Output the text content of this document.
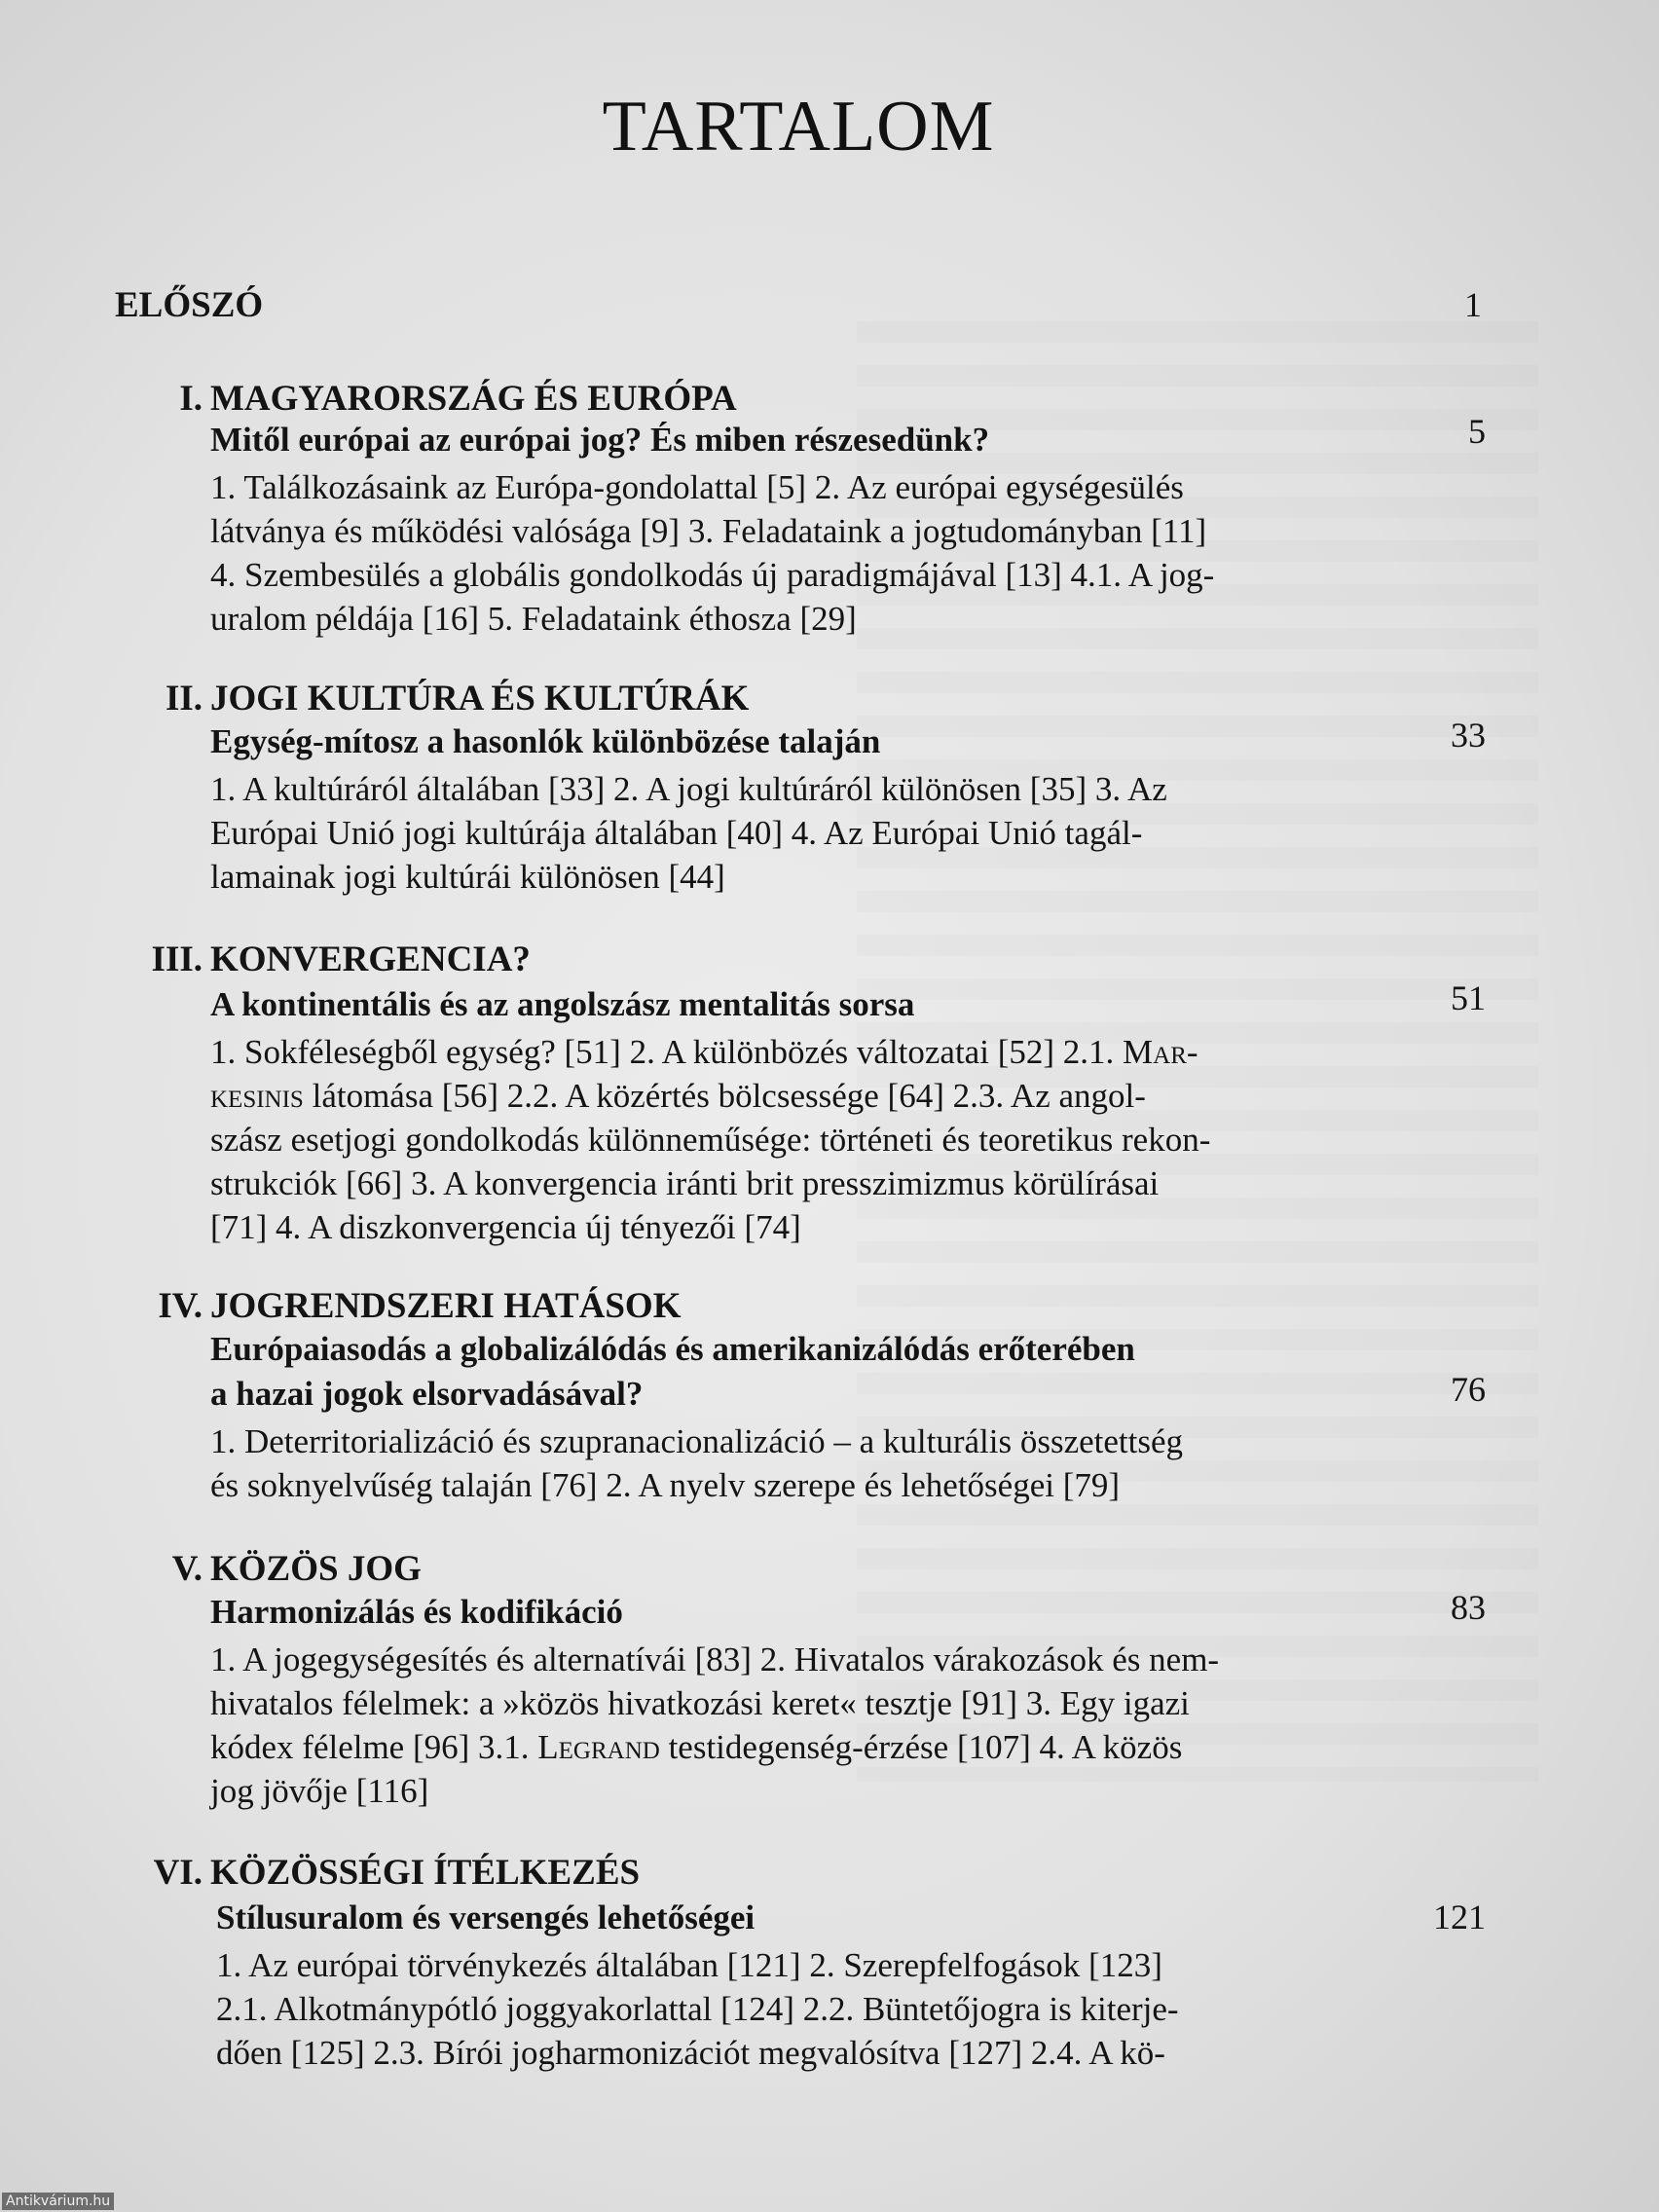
TARTALOM
ELŐSZÓ	1
I. MAGYARORSZÁG ÉS EURÓPA
Mitől európai az európai jog? És miben részesedünk?	5
1. Találkozásaink az Európa-gondolattal [5] 2. Az európai egységesülés
látványa és működési valósága [9] 3. Feladataink a jogtudományban [11]
4. Szembesülés a globális gondolkodás új paradigmájával [13] 4.1. A jog-
uralom példája [16] 5. Feladataink éthosza [29]
II. JOGI KULTÚRA ÉS KULTÚRÁK
Egység-mítosz a hasonlók különbözése talaján	33
1. A kultúráról általában [33] 2. A jogi kultúráról különösen [35] 3. Az
Európai Unió jogi kultúrája általában [40] 4. Az Európai Unió tagál-
lamainak jogi kultúrái különösen [44]
III. KONVERGENCIA?
A kontinentális és az angolszász mentalitás sorsa	51
1. Sokféleségből egység? [51] 2. A különbözés változatai [52] 2.1. Mar-
kesinis látomása [56] 2.2. A közértés bölcsessége [64] 2.3. Az angol-
szász esetjogi gondolkodás különneműsége: történeti és teoretikus rekon-
strukciók [66] 3. A konvergencia iránti brit presszimizmus körülírásai
[71] 4. A diszkonvergencia új tényezői [74]
IV. JOGRENDSZERI HATÁSOK
Európaiasodás a globalizálódás és amerikanizálódás erőterében
a hazai jogok elsorvadásával?	76
1. Deterritorializáció és szupranacionalizáció – a kulturális összetettség
és soknyelvűség talaján [76] 2. A nyelv szerepe és lehetőségei [79]
V. KÖZÖS JOG
Harmonizálás és kodifikáció	83
1. A jogegységesítés és alternatívái [83] 2. Hivatalos várakozások és nem-
hivatalos félelmek: a »közös hivatkozási keret« tesztje [91] 3. Egy igazi
kódex félelme [96] 3.1. Legrand testidegenség-érzése [107] 4. A közös
jog jövője [116]
VI. KÖZÖSSÉGI ÍTÉLKEZÉS
Stílusuralom és versengés lehetőségei	121
1. Az európai törvénykezés általában [121] 2. Szerepfelfogások [123]
2.1. Alkotmánypótló joggyakorlattal [124] 2.2. Büntetőjogra is kiterje-
dően [125] 2.3. Bírói jogharmonizációt megvalósítva [127] 2.4. A kö-
Antikvárium.hu
